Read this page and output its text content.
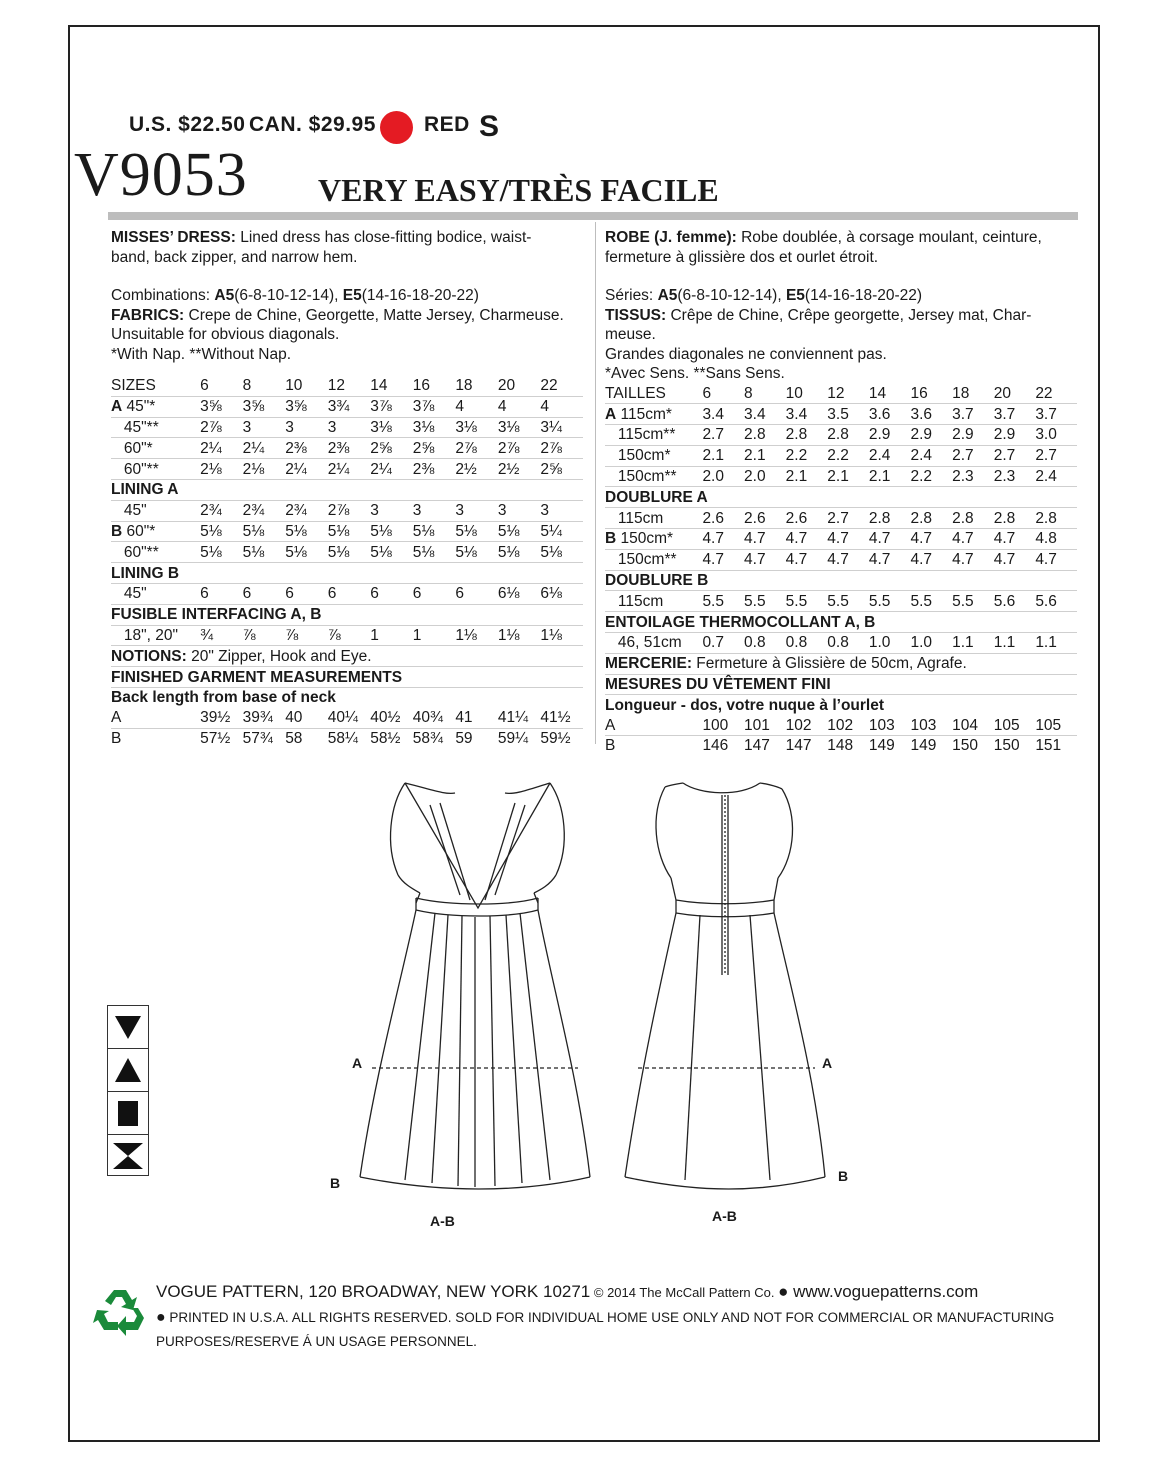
U.S. $22.50 CAN. $29.95 RED S
V9053 VERY EASY/TRÈS FACILE

MISSES’ DRESS: Lined dress has close-fitting bodice, waist-

band, back zipper, and narrow hem.

Combinations: A5(6-8-10-12-14), E5(14-16-18-20-22)

FABRICS: Crepe de Chine, Georgette, Matte Jersey, Charmeuse.

Unsuitable for obvious diagonals.

*With Nap. **Without Nap.

SIZES	6	8	10	12	14	16	18	20	22
A 45"*	3⅝	3⅝	3⅝	3¾	3⅞	3⅞	4	4	4
45"**	2⅞	3	3	3	3⅛	3⅛	3⅛	3⅛	3¼
60"*	2¼	2¼	2⅜	2⅜	2⅝	2⅝	2⅞	2⅞	2⅞
60"**	2⅛	2⅛	2¼	2¼	2¼	2⅜	2½	2½	2⅝
LINING A									
45"	2¾	2¾	2¾	2⅞	3	3	3	3	3
B 60"*	5⅛	5⅛	5⅛	5⅛	5⅛	5⅛	5⅛	5⅛	5¼
60"**	5⅛	5⅛	5⅛	5⅛	5⅛	5⅛	5⅛	5⅛	5⅛
LINING B									
45"	6	6	6	6	6	6	6	6⅛	6⅛
FUSIBLE INTERFACING A, B									
18", 20"	¾	⅞	⅞	⅞	1	1	1⅛	1⅛	1⅛
NOTIONS: 20" Zipper, Hook and Eye.
FINISHED GARMENT MEASUREMENTS
Back length from base of neck
A	39½	39¾	40	40¼	40½	40¾	41	41¼	41½
B	57½	57¾	58	58¼	58½	58¾	59	59¼	59½

ROBE (J. femme): Robe doublée, à corsage moulant, ceinture,

fermeture à glissière dos et ourlet étroit.

Séries: A5(6-8-10-12-14), E5(14-16-18-20-22)

TISSUS: Crêpe de Chine, Crêpe georgette, Jersey mat, Char-

meuse.

Grandes diagonales ne conviennent pas.

*Avec Sens. **Sans Sens.

TAILLES	6	8	10	12	14	16	18	20	22
A 115cm*	3.4	3.4	3.4	3.5	3.6	3.6	3.7	3.7	3.7
115cm**	2.7	2.8	2.8	2.8	2.9	2.9	2.9	2.9	3.0
150cm*	2.1	2.1	2.2	2.2	2.4	2.4	2.7	2.7	2.7
150cm**	2.0	2.0	2.1	2.1	2.1	2.2	2.3	2.3	2.4
DOUBLURE A									
115cm	2.6	2.6	2.6	2.7	2.8	2.8	2.8	2.8	2.8
B 150cm*	4.7	4.7	4.7	4.7	4.7	4.7	4.7	4.7	4.8
150cm**	4.7	4.7	4.7	4.7	4.7	4.7	4.7	4.7	4.7
DOUBLURE B									
115cm	5.5	5.5	5.5	5.5	5.5	5.5	5.5	5.6	5.6
ENTOILAGE THERMOCOLLANT A, B									
46, 51cm	0.7	0.8	0.8	0.8	1.0	1.0	1.1	1.1	1.1
MERCERIE: Fermeture à Glissière de 50cm, Agrafe.
MESURES DU VÊTEMENT FINI
Longueur - dos, votre nuque à l’ourlet
A	100	101	102	102	103	103	104	105	105
B	146	147	147	148	149	149	150	150	151
A
B
A-B
A
B
A-B
VOGUE PATTERN, 120 BROADWAY, NEW YORK 10271 © 2014 The McCall Pattern Co. ● www.voguepatterns.com
● PRINTED IN U.S.A. ALL RIGHTS RESERVED. SOLD FOR INDIVIDUAL HOME USE ONLY AND NOT FOR COMMERCIAL OR MANUFACTURING PURPOSES/RESERVE Á UN USAGE PERSONNEL.
